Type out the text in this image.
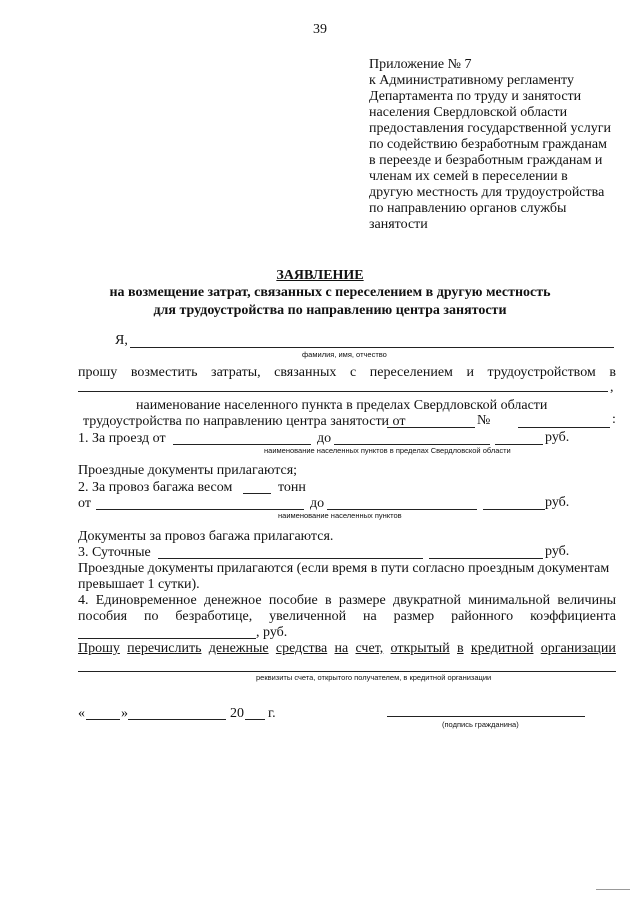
39
Приложение № 7
к Административному регламенту
Департамента по труду и занятости
населения Свердловской области
предоставления государственной услуги
по содействию безработным гражданам
в переезде и безработным гражданам и
членам их семей в переселении в
другую местность для трудоустройства
по направлению органов службы
занятости
ЗАЯВЛЕНИЕ
на возмещение затрат, связанных с переселением в другую местность
для трудоустройства по направлению центра занятости
Я,
фамилия, имя, отчество
прошу возместить затраты, связанных с переселением и трудоустройством в
,
наименование населенного пункта в пределах Свердловской области
трудоустройства по направлению центра занятости от	№	:
1. За проезд от	до	руб.
наименование населенных пунктов в пределах Свердловской области
Проездные документы прилагаются;
2. За провоз багажа весом	тонн
от	до	руб.
наименование населенных пунктов
Документы за провоз багажа прилагаются.
3. Суточные	руб.
Проездные документы прилагаются (если время в пути согласно проездным документам
превышает 1 сутки).
4. Единовременное денежное пособие в размере двукратной минимальной величины
пособия по безработице, увеличенной на размер районного коэффициента
, руб.
Прошу перечислить денежные средства на счет, открытый в кредитной организации
реквизиты счета, открытого получателем, в кредитной организации
«	»	20 г.
(подпись гражданина)
